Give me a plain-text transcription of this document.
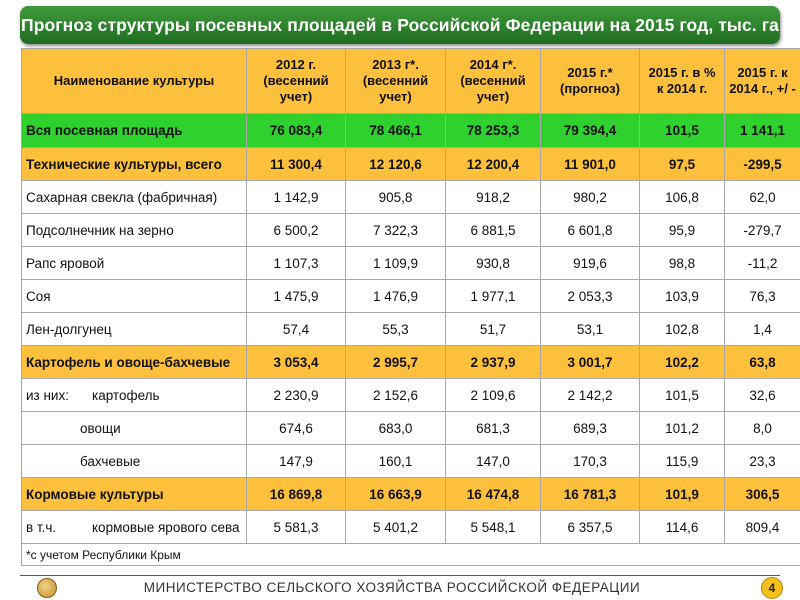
Прогноз структуры посевных площадей в Российской Федерации на 2015 год, тыс. га
Наименование культуры	2012 г. (весенний учет)	2013 г*. (весенний учет)	2014 г*. (весенний учет)	2015 г.* (прогноз)	2015 г. в % к 2014 г.	2015 г. к 2014 г., +/ -
Вся посевная площадь	76 083,4	78 466,1	78 253,3	79 394,4	101,5	1 141,1
Технические культуры, всего	11 300,4	12 120,6	12 200,4	11 901,0	97,5	-299,5
Сахарная свекла (фабричная)	1 142,9	905,8	918,2	980,2	106,8	62,0
Подсолнечник на зерно	6 500,2	7 322,3	6 881,5	6 601,8	95,9	-279,7
Рапс яровой	1 107,3	1 109,9	930,8	919,6	98,8	-11,2
Соя	1 475,9	1 476,9	1 977,1	2 053,3	103,9	76,3
Лен-долгунец	57,4	55,3	51,7	53,1	102,8	1,4
Картофель и овоще-бахчевые	3 053,4	2 995,7	2 937,9	3 001,7	102,2	63,8
из них: картофель	2 230,9	2 152,6	2 109,6	2 142,2	101,5	32,6
овощи	674,6	683,0	681,3	689,3	101,2	8,0
бахчевые	147,9	160,1	147,0	170,3	115,9	23,3
Кормовые культуры	16 869,8	16 663,9	16 474,8	16 781,3	101,9	306,5
в т.ч. кормовые ярового сева	5 581,3	5 401,2	5 548,1	6 357,5	114,6	809,4
*с учетом Республики Крым						
МИНИСТЕРСТВО СЕЛЬСКОГО ХОЗЯЙСТВА РОССИЙСКОЙ ФЕДЕРАЦИИ	4
